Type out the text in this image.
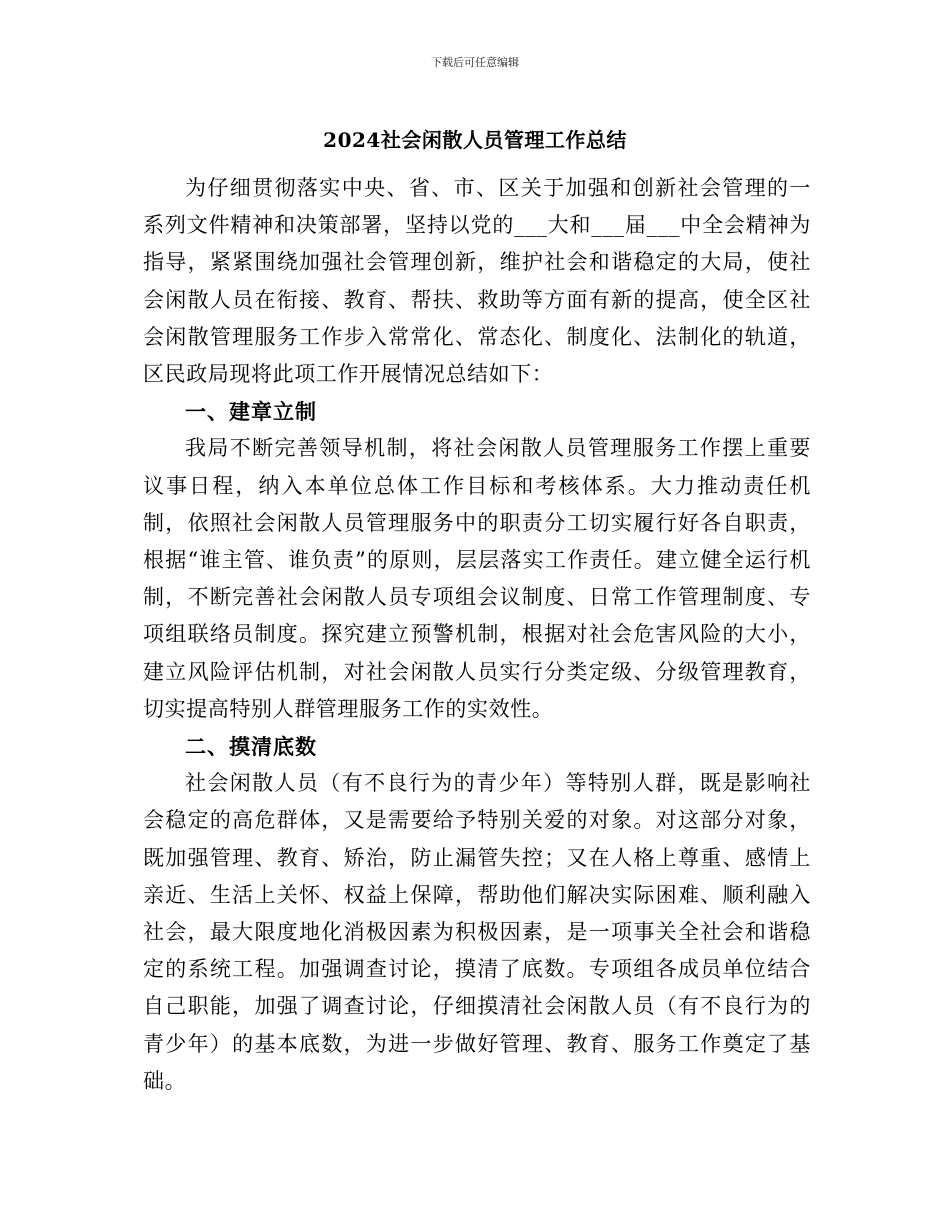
下载后可任意编辑
2024社会闲散人员管理工作总结

为仔细贯彻落实中央、省、市、区关于加强和创新社会管理的一系列文件精神和决策部署，坚持以党的___大和___届___中全会精神为指导，紧紧围绕加强社会管理创新，维护社会和谐稳定的大局，使社会闲散人员在衔接、教育、帮扶、救助等方面有新的提高，使全区社会闲散管理服务工作步入常常化、常态化、制度化、法制化的轨道，区民政局现将此项工作开展情况总结如下：

一、建章立制

我局不断完善领导机制，将社会闲散人员管理服务工作摆上重要议事日程，纳入本单位总体工作目标和考核体系。大力推动责任机制，依照社会闲散人员管理服务中的职责分工切实履行好各自职责，根据“谁主管、谁负责”的原则，层层落实工作责任。建立健全运行机制，不断完善社会闲散人员专项组会议制度、日常工作管理制度、专项组联络员制度。探究建立预警机制，根据对社会危害风险的大小，建立风险评估机制，对社会闲散人员实行分类定级、分级管理教育，切实提高特别人群管理服务工作的实效性。

二、摸清底数

社会闲散人员（有不良行为的青少年）等特别人群，既是影响社会稳定的高危群体，又是需要给予特别关爱的对象。对这部分对象，既加强管理、教育、矫治，防止漏管失控；又在人格上尊重、感情上亲近、生活上关怀、权益上保障，帮助他们解决实际困难、顺利融入社会，最大限度地化消极因素为积极因素，是一项事关全社会和谐稳定的系统工程。加强调查讨论，摸清了底数。专项组各成员单位结合自己职能，加强了调查讨论，仔细摸清社会闲散人员（有不良行为的青少年）的基本底数，为进一步做好管理、教育、服务工作奠定了基础。
